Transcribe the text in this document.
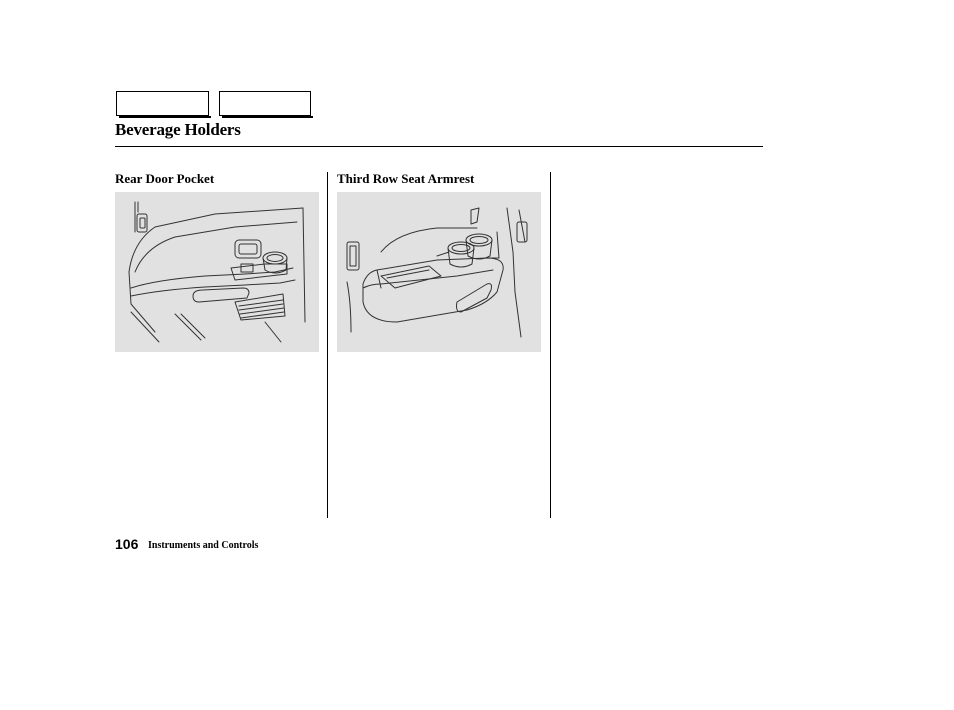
Beverage Holders
Rear Door Pocket	Third Row Seat Armrest
106 Instruments and Controls
